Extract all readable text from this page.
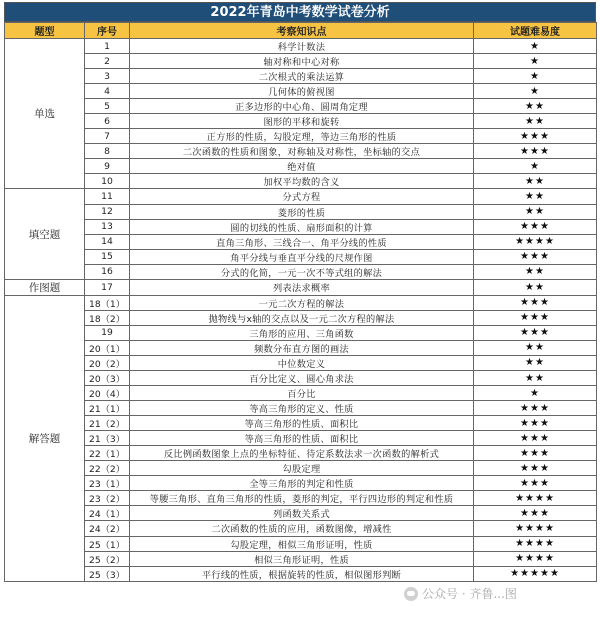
2022年青岛中考数学试卷分析
题型	序号	考察知识点	试题难易度
单选	1	科学计数法	★
	2	轴对称和中心对称	★
	3	二次根式的乘法运算	★
	4	几何体的俯视图	★
	5	正多边形的中心角、圆周角定理	★★
	6	图形的平移和旋转	★★
	7	正方形的性质，勾股定理，等边三角形的性质	★★★
	8	二次函数的性质和图象，对称轴及对称性，坐标轴的交点	★★★
	9	绝对值	★
	10	加权平均数的含义	★★
填空题	11	分式方程	★★
	12	菱形的性质	★★
	13	圆的切线的性质、扇形面积的计算	★★★
	14	直角三角形、三线合一、角平分线的性质	★★★★
	15	角平分线与垂直平分线的尺规作图	★★★
	16	分式的化简，一元一次不等式组的解法	★★
作图题	17	列表法求概率	★★
解答题	18（1）	一元二次方程的解法	★★★
	18（2）	抛物线与x轴的交点以及一元二次方程的解法	★★★
	19	三角形的应用、三角函数	★★★
	20（1）	频数分布直方图的画法	★★
	20（2）	中位数定义	★★
	20（3）	百分比定义、圆心角求法	★★
	20（4）	百分比	★
	21（1）	等高三角形的定义、性质	★★★
	21（2）	等高三角形的性质、面积比	★★★
	21（3）	等高三角形的性质、面积比	★★★
	22（1）	反比例函数图象上点的坐标特征、待定系数法求一次函数的解析式	★★★
	22（2）	勾股定理	★★★
	23（1）	全等三角形的判定和性质	★★★
	23（2）	等腰三角形、直角三角形的性质，菱形的判定，平行四边形的判定和性质	★★★★
	24（1）	列函数关系式	★★★
	24（2）	二次函数的性质的应用，函数图像，增减性	★★★★
	25（1）	勾股定理，相似三角形证明，性质	★★★★
	25（2）	相似三角形证明，性质	★★★★
	25（3）	平行线的性质，根据旋转的性质，相似图形判断	★★★★★
公众号 · 齐鲁...图
